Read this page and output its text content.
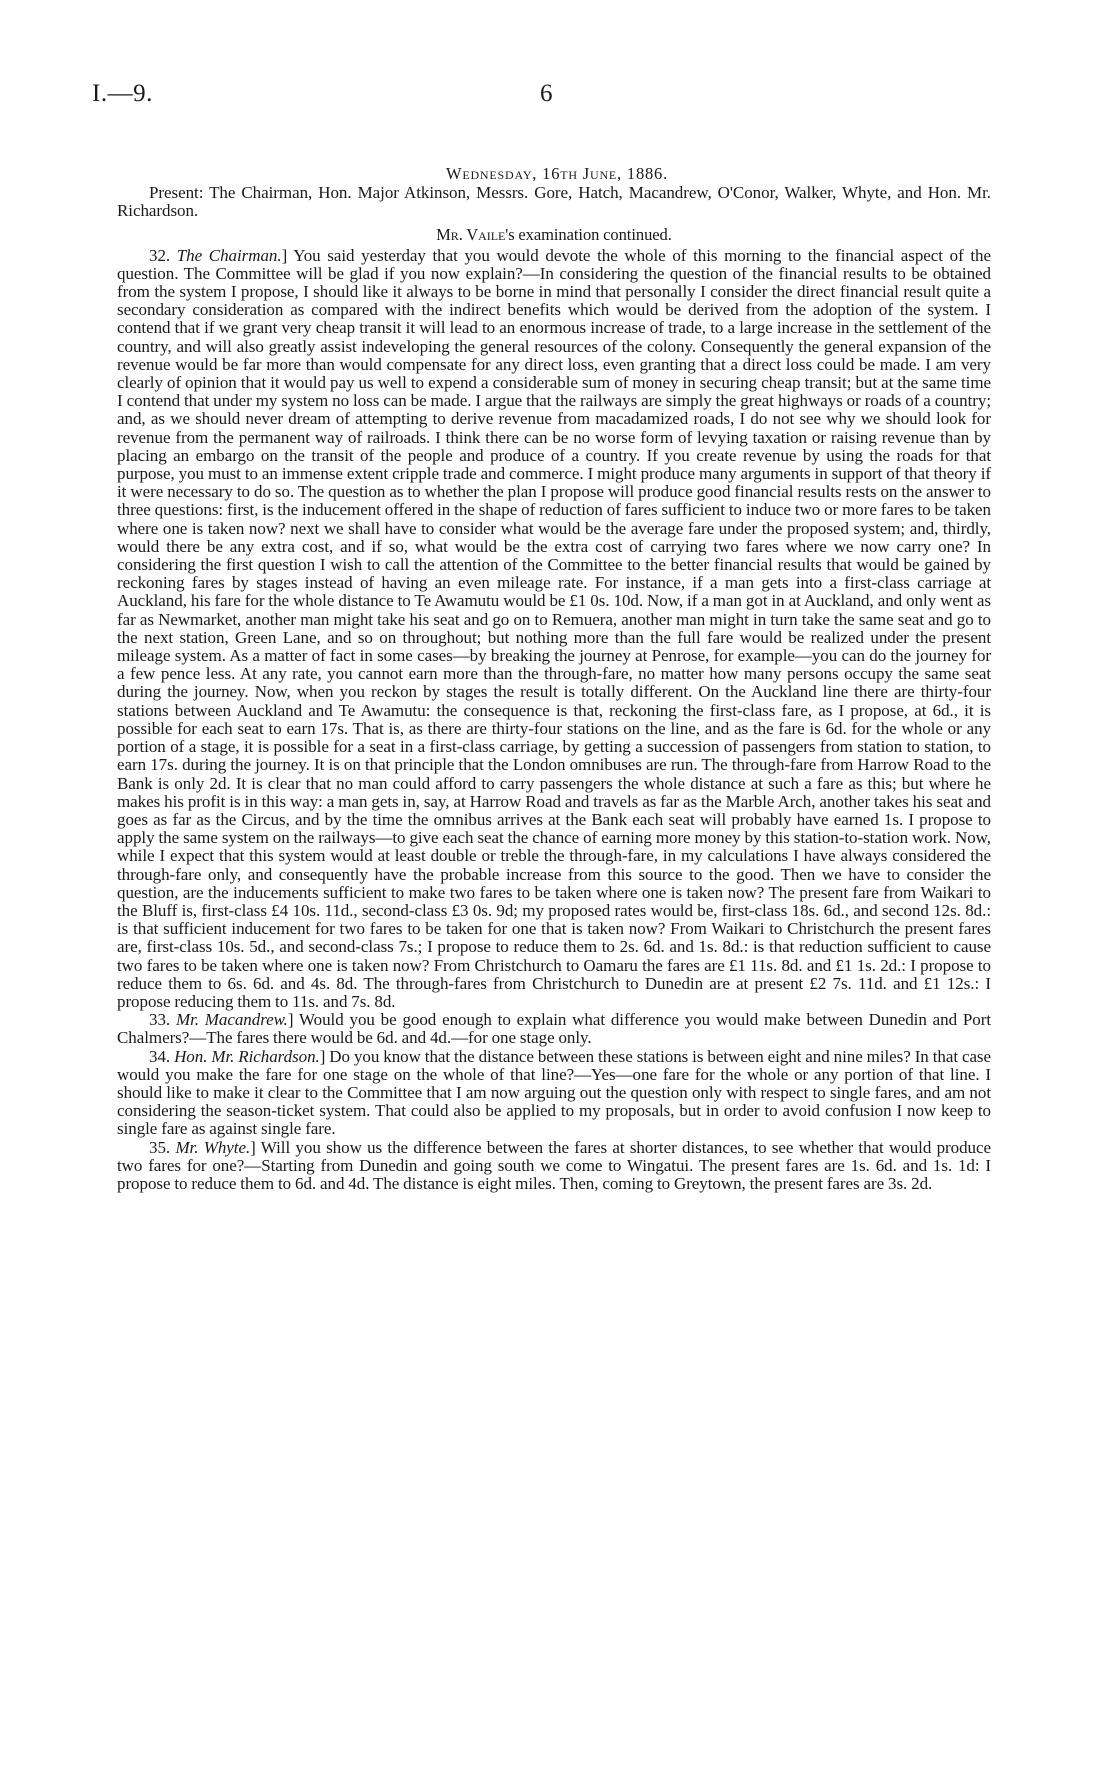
I.—9.	6
Wednesday, 16th June, 1886.

Present: The Chairman, Hon. Major Atkinson, Messrs. Gore, Hatch, Macandrew, O'Conor, Walker, Whyte, and Hon. Mr. Richardson.

Mr. Vaile's examination continued.

32. The Chairman.] You said yesterday that you would devote the whole of this morning to the financial aspect of the question. The Committee will be glad if you now explain?—In considering the question of the financial results to be obtained from the system I propose, I should like it always to be borne in mind that personally I consider the direct financial result quite a secondary consideration as compared with the indirect benefits which would be derived from the adoption of the system. I contend that if we grant very cheap transit it will lead to an enormous increase of trade, to a large increase in the settlement of the country, and will also greatly assist indeveloping the general resources of the colony. Consequently the general expansion of the revenue would be far more than would compensate for any direct loss, even granting that a direct loss could be made. I am very clearly of opinion that it would pay us well to expend a considerable sum of money in securing cheap transit; but at the same time I contend that under my system no loss can be made. I argue that the railways are simply the great highways or roads of a country; and, as we should never dream of attempting to derive revenue from macadamized roads, I do not see why we should look for revenue from the permanent way of railroads. I think there can be no worse form of levying taxation or raising revenue than by placing an embargo on the transit of the people and produce of a country. If you create revenue by using the roads for that purpose, you must to an immense extent cripple trade and commerce. I might produce many arguments in support of that theory if it were necessary to do so. The question as to whether the plan I propose will produce good financial results rests on the answer to three questions: first, is the inducement offered in the shape of reduction of fares sufficient to induce two or more fares to be taken where one is taken now? next we shall have to consider what would be the average fare under the proposed system; and, thirdly, would there be any extra cost, and if so, what would be the extra cost of carrying two fares where we now carry one? In considering the first question I wish to call the attention of the Committee to the better financial results that would be gained by reckoning fares by stages instead of having an even mileage rate. For instance, if a man gets into a first-class carriage at Auckland, his fare for the whole distance to Te Awamutu would be £1 0s. 10d. Now, if a man got in at Auckland, and only went as far as Newmarket, another man might take his seat and go on to Remuera, another man might in turn take the same seat and go to the next station, Green Lane, and so on throughout; but nothing more than the full fare would be realized under the present mileage system. As a matter of fact in some cases—by breaking the journey at Penrose, for example—you can do the journey for a few pence less. At any rate, you cannot earn more than the through-fare, no matter how many persons occupy the same seat during the journey. Now, when you reckon by stages the result is totally different. On the Auckland line there are thirty-four stations between Auckland and Te Awamutu: the consequence is that, reckoning the first-class fare, as I propose, at 6d., it is possible for each seat to earn 17s. That is, as there are thirty-four stations on the line, and as the fare is 6d. for the whole or any portion of a stage, it is possible for a seat in a first-class carriage, by getting a succession of passengers from station to station, to earn 17s. during the journey. It is on that principle that the London omnibuses are run. The through-fare from Harrow Road to the Bank is only 2d. It is clear that no man could afford to carry passengers the whole distance at such a fare as this; but where he makes his profit is in this way: a man gets in, say, at Harrow Road and travels as far as the Marble Arch, another takes his seat and goes as far as the Circus, and by the time the omnibus arrives at the Bank each seat will probably have earned 1s. I propose to apply the same system on the railways—to give each seat the chance of earning more money by this station-to-station work. Now, while I expect that this system would at least double or treble the through-fare, in my calculations I have always considered the through-fare only, and consequently have the probable increase from this source to the good. Then we have to consider the question, are the inducements sufficient to make two fares to be taken where one is taken now? The present fare from Waikari to the Bluff is, first-class £4 10s. 11d., second-class £3 0s. 9d; my proposed rates would be, first-class 18s. 6d., and second 12s. 8d.: is that sufficient inducement for two fares to be taken for one that is taken now? From Waikari to Christchurch the present fares are, first-class 10s. 5d., and second-class 7s.; I propose to reduce them to 2s. 6d. and 1s. 8d.: is that reduction sufficient to cause two fares to be taken where one is taken now? From Christchurch to Oamaru the fares are £1 11s. 8d. and £1 1s. 2d.: I propose to reduce them to 6s. 6d. and 4s. 8d. The through-fares from Christchurch to Dunedin are at present £2 7s. 11d. and £1 12s.: I propose reducing them to 11s. and 7s. 8d.

33. Mr. Macandrew.] Would you be good enough to explain what difference you would make between Dunedin and Port Chalmers?—The fares there would be 6d. and 4d.—for one stage only.

34. Hon. Mr. Richardson.] Do you know that the distance between these stations is between eight and nine miles? In that case would you make the fare for one stage on the whole of that line?—Yes—one fare for the whole or any portion of that line. I should like to make it clear to the Committee that I am now arguing out the question only with respect to single fares, and am not considering the season-ticket system. That could also be applied to my proposals, but in order to avoid confusion I now keep to single fare as against single fare.

35. Mr. Whyte.] Will you show us the difference between the fares at shorter distances, to see whether that would produce two fares for one?—Starting from Dunedin and going south we come to Wingatui. The present fares are 1s. 6d. and 1s. 1d: I propose to reduce them to 6d. and 4d. The distance is eight miles. Then, coming to Greytown, the present fares are 3s. 2d.
